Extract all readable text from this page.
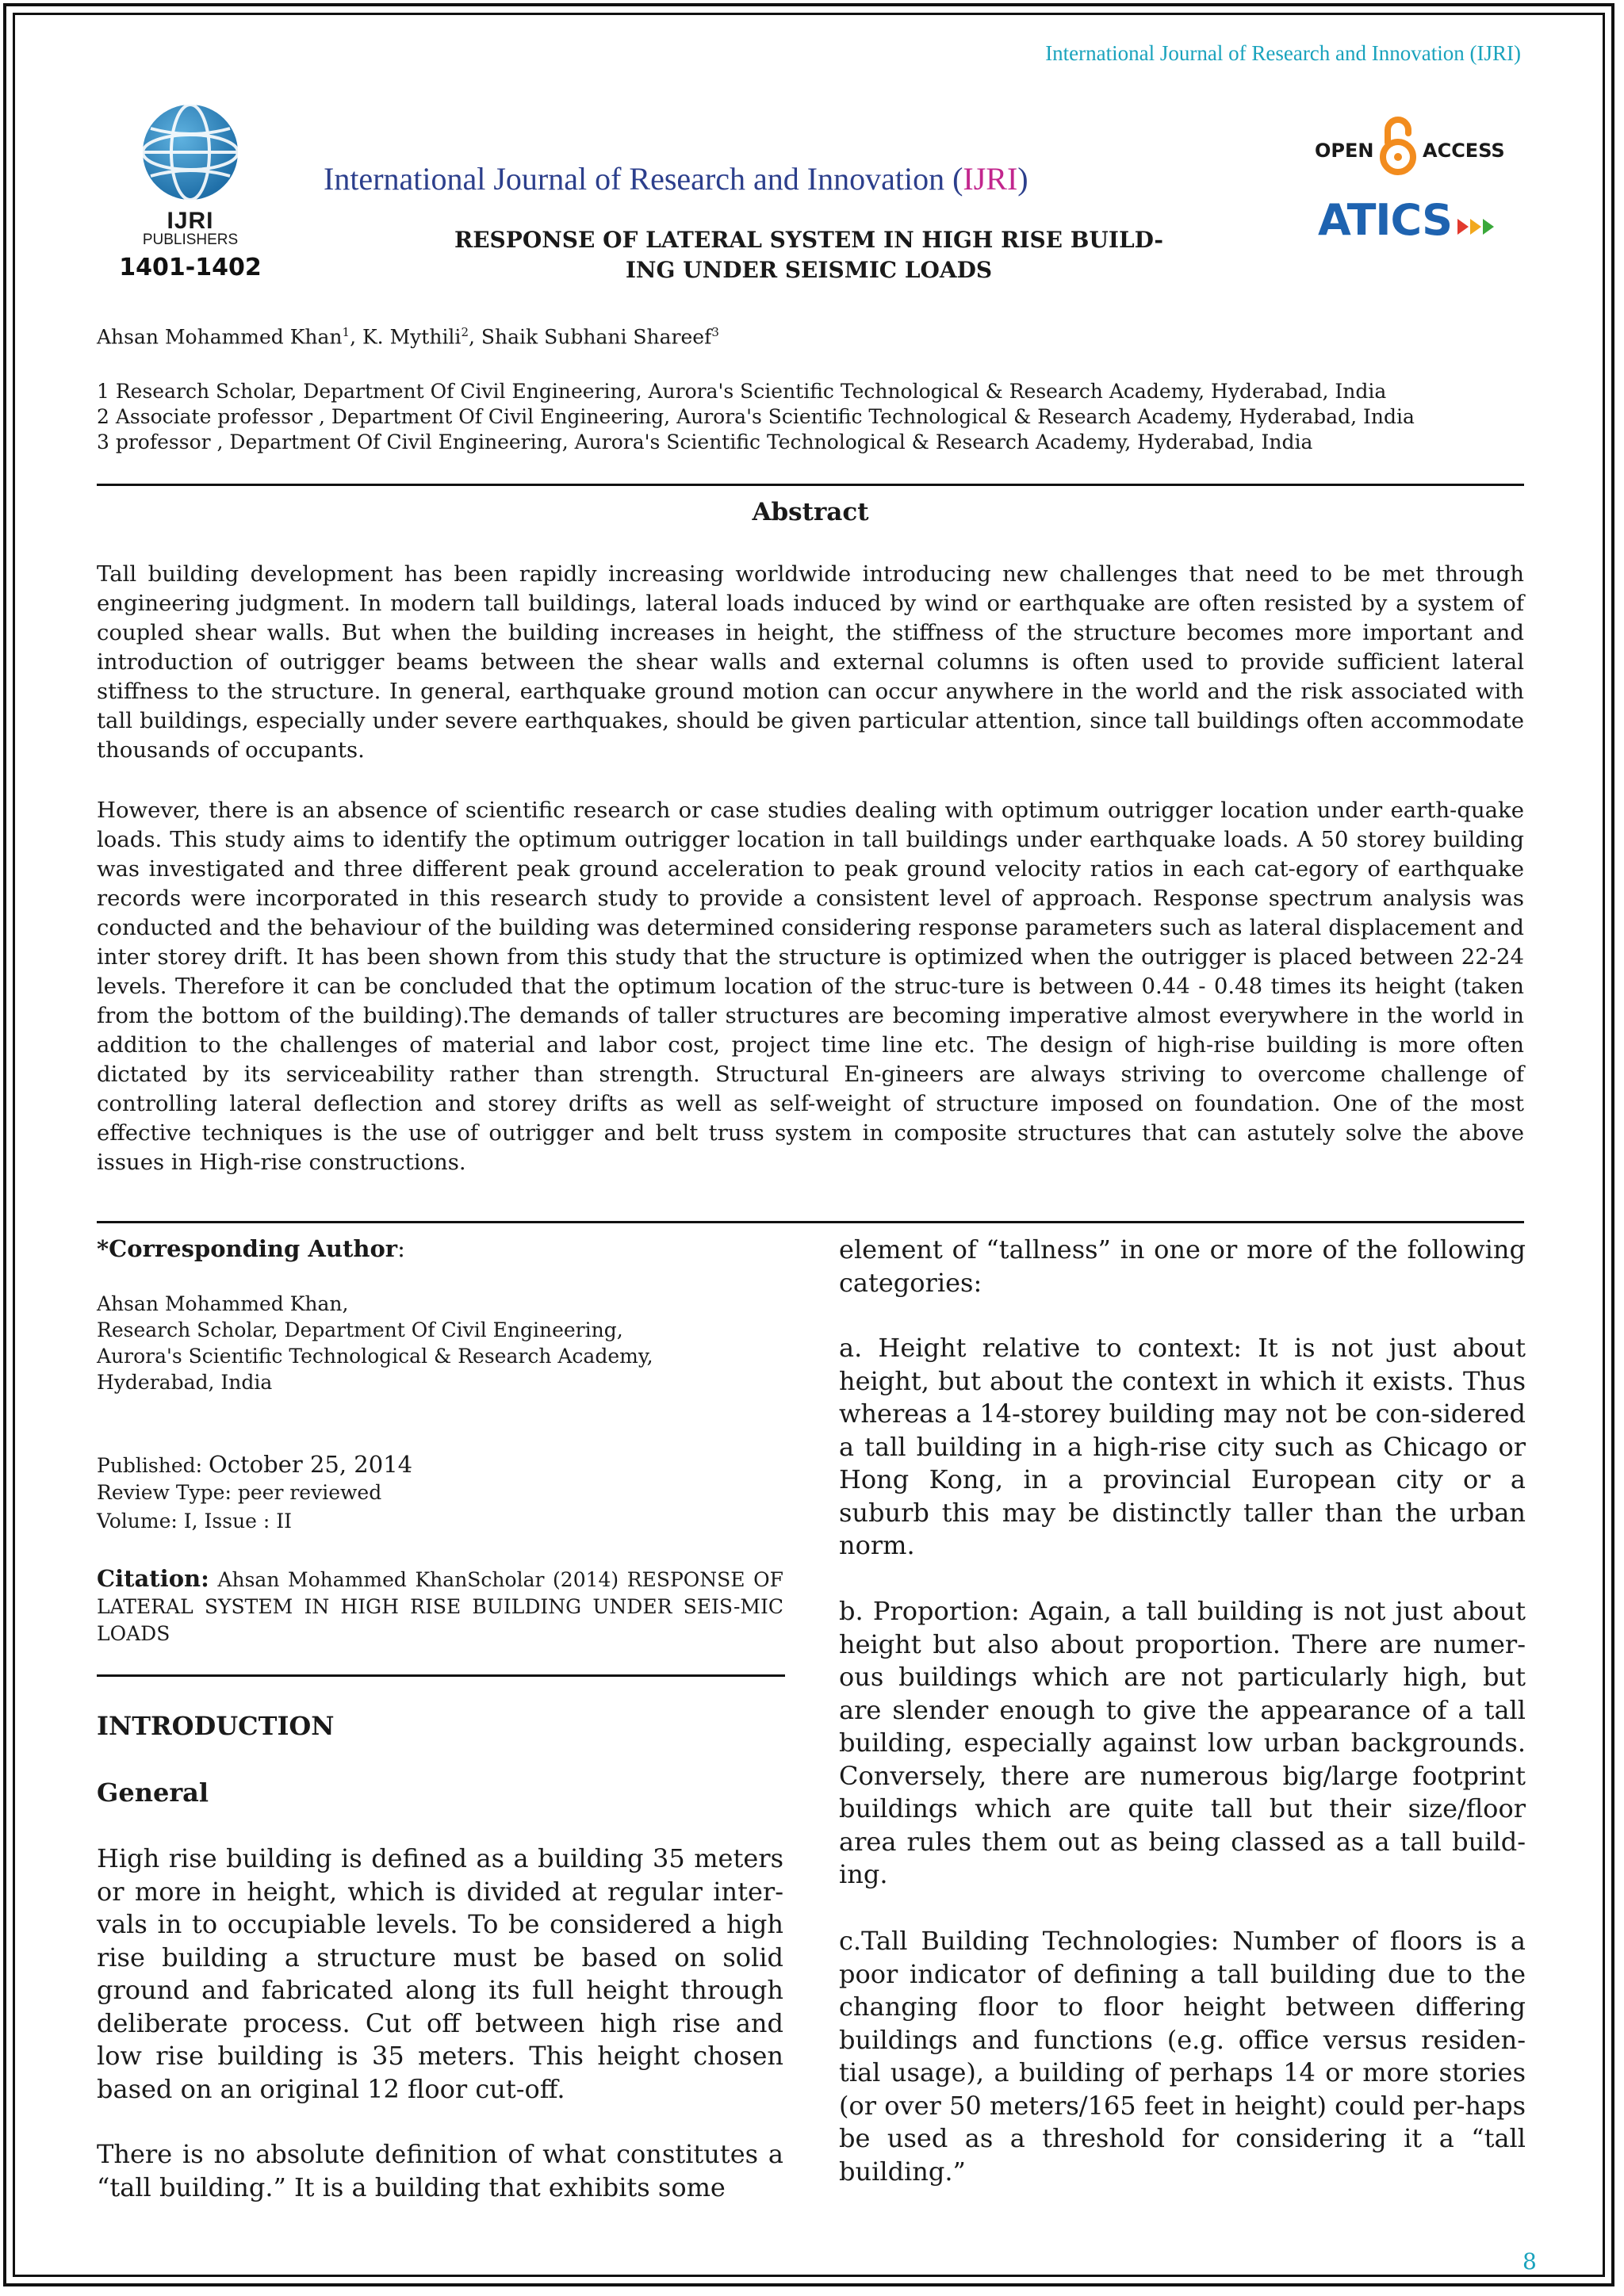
International Journal of Research and Innovation (IJRI)
IJRI
PUBLISHERS
1401-1402
International Journal of Research and Innovation (IJRI)
RESPONSE OF LATERAL SYSTEM IN HIGH RISE BUILD-
ING UNDER SEISMIC LOADS
OPEN	ACCESS
ATICS
Ahsan Mohammed Khan$^1$, K. Mythili$^2$, Shaik Subhani Shareef$^3$
1 Research Scholar, Department Of Civil Engineering, Aurora's Scientific Technological & Research Academy, Hyderabad, India
2 Associate professor , Department Of Civil Engineering, Aurora's Scientific Technological & Research Academy, Hyderabad, India
3 professor , Department Of Civil Engineering, Aurora's Scientific Technological & Research Academy, Hyderabad, India
Abstract
Tall building development has been rapidly increasing worldwide introducing new challenges that need to be met through engineering judgment. In modern tall buildings, lateral loads induced by wind or earthquake are often resisted by a system of coupled shear walls. But when the building increases in height, the stiffness of the structure becomes more important and introduction of outrigger beams between the shear walls and external columns is often used to provide sufficient lateral stiffness to the structure. In general, earthquake ground motion can occur anywhere in the world and the risk associated with tall buildings, especially under severe earthquakes, should be given particular attention, since tall buildings often accommodate thousands of occupants.
However, there is an absence of scientific research or case studies dealing with optimum outrigger location under earth-quake loads. This study aims to identify the optimum outrigger location in tall buildings under earthquake loads. A 50 storey building was investigated and three different peak ground acceleration to peak ground velocity ratios in each cat-egory of earthquake records were incorporated in this research study to provide a consistent level of approach. Response spectrum analysis was conducted and the behaviour of the building was determined considering response parameters such as lateral displacement and inter storey drift. It has been shown from this study that the structure is optimized when the outrigger is placed between 22-24 levels. Therefore it can be concluded that the optimum location of the struc-ture is between 0.44 - 0.48 times its height (taken from the bottom of the building).The demands of taller structures are becoming imperative almost everywhere in the world in addition to the challenges of material and labor cost, project time line etc. The design of high-rise building is more often dictated by its serviceability rather than strength. Structural En-gineers are always striving to overcome challenge of controlling lateral deflection and storey drifts as well as self-weight of structure imposed on foundation. One of the most effective techniques is the use of outrigger and belt truss system in composite structures that can astutely solve the above issues in High-rise constructions.
*Corresponding Author:
Ahsan Mohammed Khan,
Research Scholar, Department Of Civil Engineering,
Aurora's Scientific Technological & Research Academy,
Hyderabad, India
Published: October 25, 2014
Review Type: peer reviewed
Volume: I, Issue : II
Citation: Ahsan Mohammed KhanScholar (2014) RESPONSE OF LATERAL SYSTEM IN HIGH RISE BUILDING UNDER SEIS-MIC LOADS
INTRODUCTION
General
High rise building is defined as a building 35 meters or more in height, which is divided at regular inter-vals in to occupiable levels. To be considered a high rise building a structure must be based on solid ground and fabricated along its full height through deliberate process. Cut off between high rise and low rise building is 35 meters. This height chosen based on an original 12 floor cut-off.
There is no absolute definition of what constitutes a “tall building.” It is a building that exhibits some
element of “tallness” in one or more of the following categories:
a. Height relative to context: It is not just about height, but about the context in which it exists. Thus whereas a 14-storey building may not be con-sidered a tall building in a high-rise city such as Chicago or Hong Kong, in a provincial European city or a suburb this may be distinctly taller than the urban norm.
b. Proportion: Again, a tall building is not just about height but also about proportion. There are numer-ous buildings which are not particularly high, but are slender enough to give the appearance of a tall building, especially against low urban backgrounds. Conversely, there are numerous big/large footprint buildings which are quite tall but their size/floor area rules them out as being classed as a tall build-ing.
c.Tall Building Technologies: Number of floors is a poor indicator of defining a tall building due to the changing floor to floor height between differing buildings and functions (e.g. office versus residen-tial usage), a building of perhaps 14 or more stories (or over 50 meters/165 feet in height) could per-haps be used as a threshold for considering it a “tall building.”
8
